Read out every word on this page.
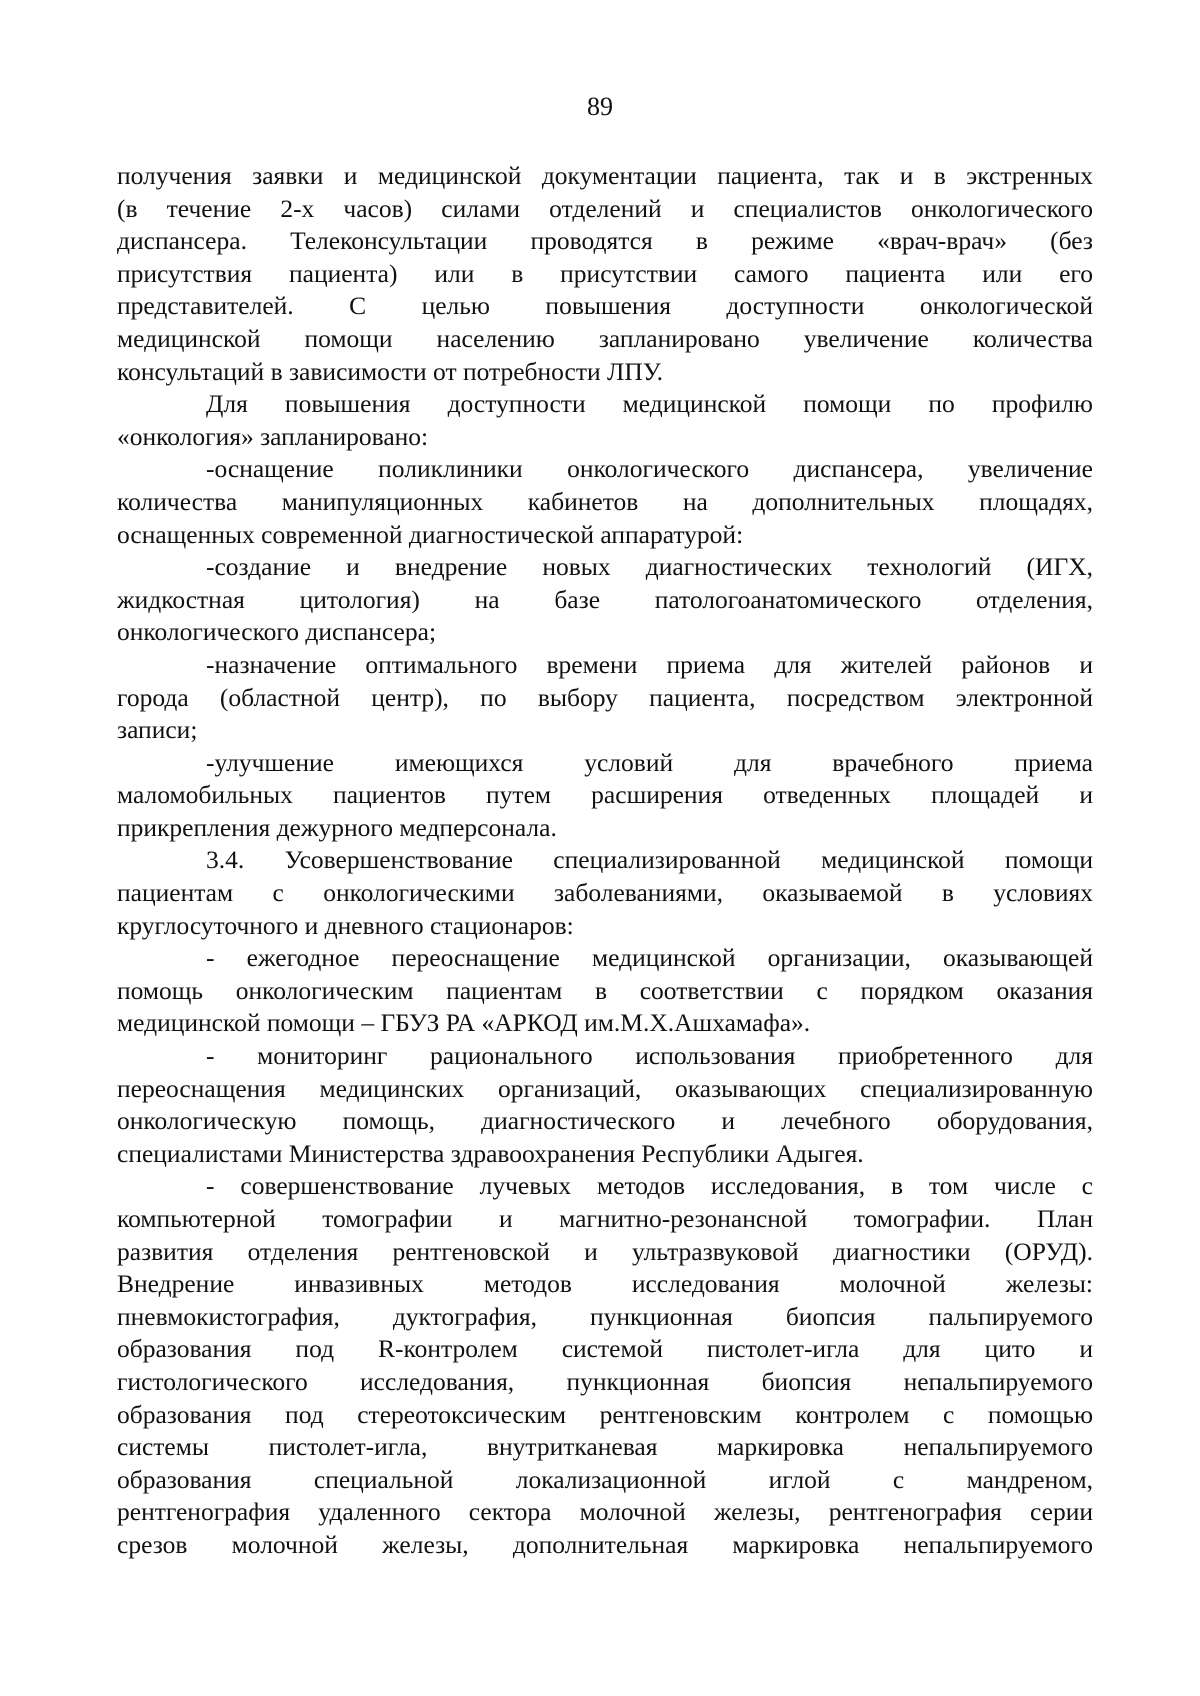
89
получения заявки и медицинской документации пациента, так и в экстренных
(в течение 2-х часов) силами отделений и специалистов онкологического
диспансера. Телеконсультации проводятся в режиме «врач-врач» (без
присутствия пациента) или в присутствии самого пациента или его
представителей. С целью повышения доступности онкологической
медицинской помощи населению запланировано увеличение количества
консультаций в зависимости от потребности ЛПУ.
Для повышения доступности медицинской помощи по профилю
«онкология» запланировано:
-оснащение поликлиники онкологического диспансера, увеличение
количества манипуляционных кабинетов на дополнительных площадях,
оснащенных современной диагностической аппаратурой:
-создание и внедрение новых диагностических технологий (ИГХ,
жидкостная цитология) на базе патологоанатомического отделения,
онкологического диспансера;
-назначение оптимального времени приема для жителей районов и
города (областной центр), по выбору пациента, посредством электронной
записи;
-улучшение имеющихся условий для врачебного приема
маломобильных пациентов путем расширения отведенных площадей и
прикрепления дежурного медперсонала.
3.4. Усовершенствование специализированной медицинской помощи
пациентам с онкологическими заболеваниями, оказываемой в условиях
круглосуточного и дневного стационаров:
- ежегодное переоснащение медицинской организации, оказывающей
помощь онкологическим пациентам в соответствии с порядком оказания
медицинской помощи – ГБУЗ РА «АРКОД им.М.Х.Ашхамафа».
- мониторинг рационального использования приобретенного для
переоснащения медицинских организаций, оказывающих специализированную
онкологическую помощь, диагностического и лечебного оборудования,
специалистами Министерства здравоохранения Республики Адыгея.
- совершенствование лучевых методов исследования, в том числе с
компьютерной томографии и магнитно-резонансной томографии. План
развития отделения рентгеновской и ультразвуковой диагностики (ОРУД).
Внедрение инвазивных методов исследования молочной железы:
пневмокистография, дуктография, пункционная биопсия пальпируемого
образования под R-контролем системой пистолет-игла для цито и
гистологического исследования, пункционная биопсия непальпируемого
образования под стереотоксическим рентгеновским контролем с помощью
системы пистолет-игла, внутритканевая маркировка непальпируемого
образования специальной локализационной иглой с мандреном,
рентгенография удаленного сектора молочной железы, рентгенография серии
срезов молочной железы, дополнительная маркировка непальпируемого
